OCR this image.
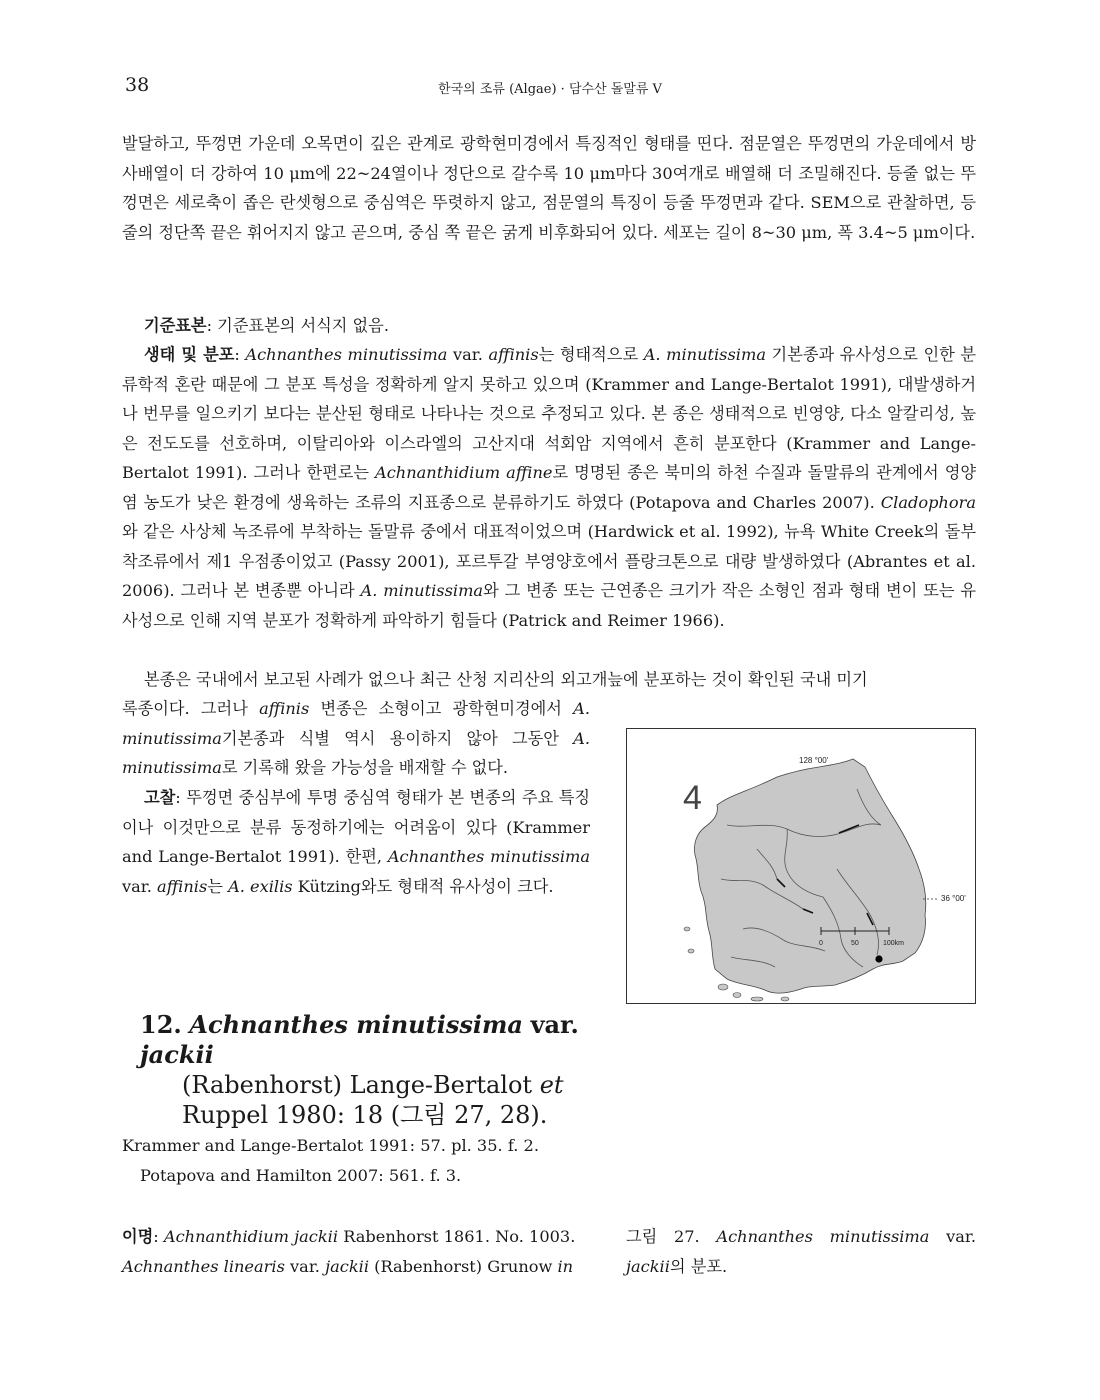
38	한국의 조류 (Algae) · 담수산 돌말류 V
발달하고, 뚜껑면 가운데 오목면이 깊은 관계로 광학현미경에서 특징적인 형태를 띤다. 점문열은 뚜껑면의 가운데에서 방사배열이 더 강하여 10 μm에 22~24열이나 정단으로 갈수록 10 μm마다 30여개로 배열해 더 조밀해진다. 등줄 없는 뚜껑면은 세로축이 좁은 란셋형으로 중심역은 뚜렷하지 않고, 점문열의 특징이 등줄 뚜껑면과 같다. SEM으로 관찰하면, 등줄의 정단쪽 끝은 휘어지지 않고 곧으며, 중심 쪽 끝은 굵게 비후화되어 있다. 세포는 길이 8~30 μm, 폭 3.4~5 μm이다.
기준표본: 기준표본의 서식지 없음.
생태 및 분포: Achnanthes minutissima var. affinis는 형태적으로 A. minutissima 기본종과 유사성으로 인한 분류학적 혼란 때문에 그 분포 특성을 정확하게 알지 못하고 있으며 (Krammer and Lange-Bertalot 1991), 대발생하거나 번무를 일으키기 보다는 분산된 형태로 나타나는 것으로 추정되고 있다. 본 종은 생태적으로 빈영양, 다소 알칼리성, 높은 전도도를 선호하며, 이탈리아와 이스라엘의 고산지대 석회암 지역에서 흔히 분포한다 (Krammer and Lange-Bertalot 1991). 그러나 한편로는 Achnanthidium affine로 명명된 종은 북미의 하천 수질과 돌말류의 관계에서 영양염 농도가 낮은 환경에 생육하는 조류의 지표종으로 분류하기도 하였다 (Potapova and Charles 2007). Cladophora와 같은 사상체 녹조류에 부착하는 돌말류 중에서 대표적이었으며 (Hardwick et al. 1992), 뉴욕 White Creek의 돌부착조류에서 제1 우점종이었고 (Passy 2001), 포르투갈 부영양호에서 플랑크톤으로 대량 발생하였다 (Abrantes et al. 2006). 그러나 본 변종뿐 아니라 A. minutissima와 그 변종 또는 근연종은 크기가 작은 소형인 점과 형태 변이 또는 유사성으로 인해 지역 분포가 정확하게 파악하기 힘들다 (Patrick and Reimer 1966).
본종은 국내에서 보고된 사례가 없으나 최근 산청 지리산의 외고개늪에 분포하는 것이 확인된 국내 미기
록종이다. 그러나 affinis 변종은 소형이고 광학현미경에서 A. minutissima기본종과 식별 역시 용이하지 않아 그동안 A. minutissima로 기록해 왔을 가능성을 배재할 수 없다.
고찰: 뚜껑면 중심부에 투명 중심역 형태가 본 변종의 주요 특징이나 이것만으로 분류 동정하기에는 어려움이 있다 (Krammer and Lange-Bertalot 1991). 한편, Achnanthes minutissima var. affinis는 A. exilis Kützing와도 형태적 유사성이 크다.
12. Achnanthes minutissima var. jackii
(Rabenhorst) Lange-Bertalot et
Ruppel 1980: 18 (그림 27, 28).
Krammer and Lange-Bertalot 1991: 57. pl. 35. f. 2.
Potapova and Hamilton 2007: 561. f. 3.
4
128 °00'
36 °00'
0	50	100km
이명: Achnanthidium jackii Rabenhorst 1861. No. 1003.
Achnanthes linearis var. jackii (Rabenhorst) Grunow in
그림 27. Achnanthes minutissima var. jackii의 분포.
